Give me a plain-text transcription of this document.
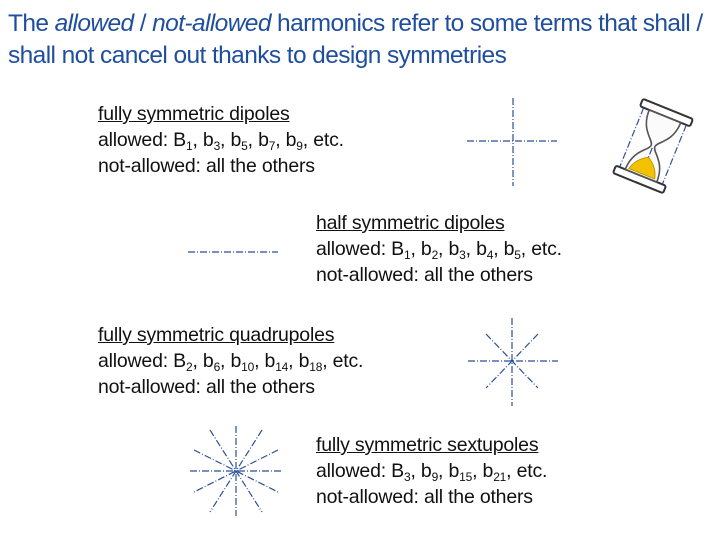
The allowed / not-allowed harmonics refer to some terms that shall / shall not cancel out thanks to design symmetries
fully symmetric dipoles
allowed: $B_1$, $b_3$, $b_5$, $b_7$, $b_9$, etc.
not-allowed: all the others
half symmetric dipoles
allowed: $B_1$, $b_2$, $b_3$, $b_4$, $b_5$, etc.
not-allowed: all the others
fully symmetric quadrupoles
allowed: $B_2$, $b_6$, $b_{10}$, $b_{14}$, $b_{18}$, etc.
not-allowed: all the others
fully symmetric sextupoles
allowed: $B_3$, $b_9$, $b_{15}$, $b_{21}$, etc.
not-allowed: all the others
